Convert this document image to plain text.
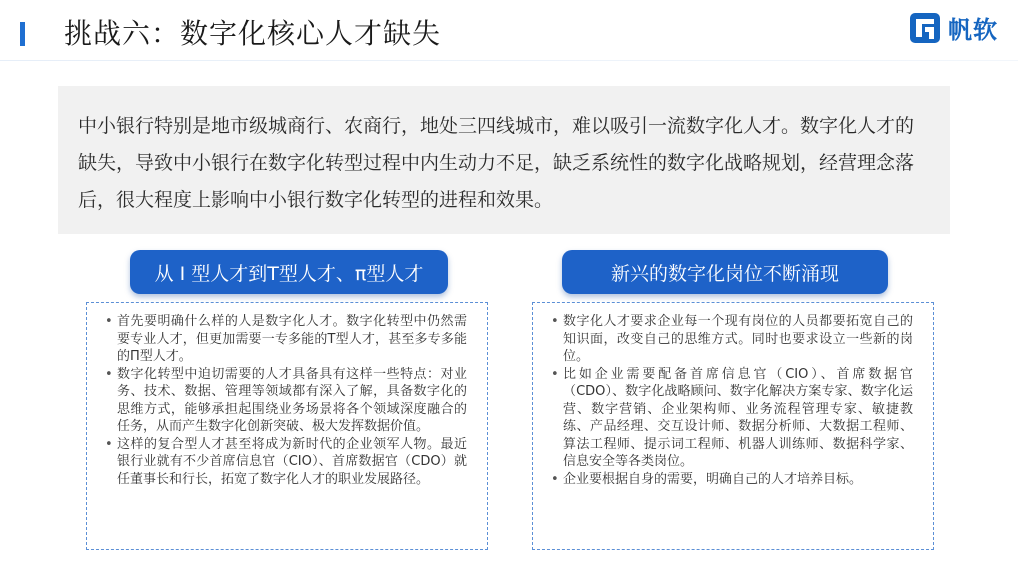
挑战六：数字化核心人才缺失	帆软

中小银行特别是地市级城商行、农商行，地处三四线城市，难以吸引一流数字化人才。数字化人才的缺失，导致中小银行在数字化转型过程中内生动力不足，缺乏系统性的数字化战略规划，经营理念落后，很大程度上影响中小银行数字化转型的进程和效果。

从 I 型人才到T型人才、π型人才	新兴的数字化岗位不断涌现
• 首先要明确什么样的人是数字化人才。数字化转型中仍然需要专业人才，但更加需要一专多能的T型人才，甚至多专多能的Π型人才。
• 数字化转型中迫切需要的人才具备具有这样一些特点：对业务、技术、数据、管理等领域都有深入了解，具备数字化的思维方式，能够承担起围绕业务场景将各个领域深度融合的任务，从而产生数字化创新突破、极大发挥数据价值。
• 这样的复合型人才甚至将成为新时代的企业领军人物。最近银行业就有不少首席信息官（CIO）、首席数据官（CDO）就任董事长和行长，拓宽了数字化人才的职业发展路径。
• 数字化人才要求企业每一个现有岗位的人员都要拓宽自己的知识面，改变自己的思维方式。同时也要求设立一些新的岗位。
• 比如企业需要配备首席信息官（CIO）、首席数据官（CDO）、数字化战略顾问、数字化解决方案专家、数字化运营、数字营销、企业架构师、业务流程管理专家、敏捷教练、产品经理、交互设计师、数据分析师、大数据工程师、算法工程师、提示词工程师、机器人训练师、数据科学家、信息安全等各类岗位。
• 企业要根据自身的需要，明确自己的人才培养目标。
